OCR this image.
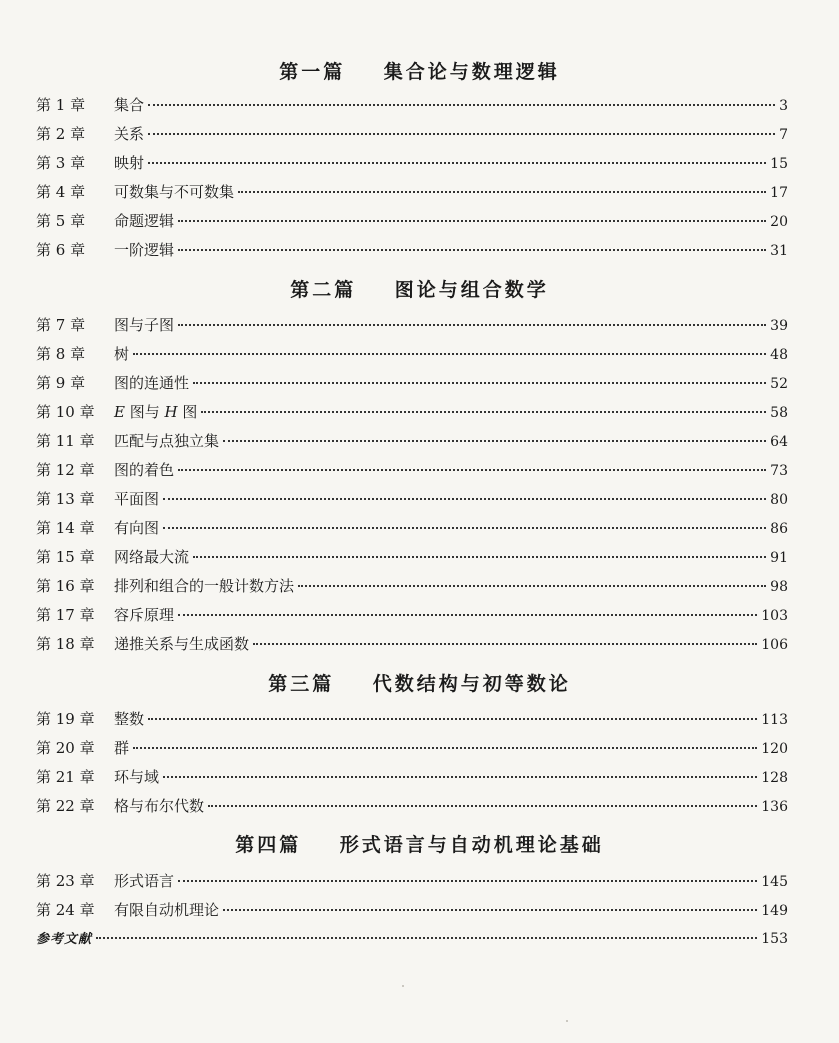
第一篇    集合论与数理逻辑
第 1 章	集合	3
第 2 章	关系	7
第 3 章	映射	15
第 4 章	可数集与不可数集	17
第 5 章	命题逻辑	20
第 6 章	一阶逻辑	31
第二篇    图论与组合数学
第 7 章	图与子图	39
第 8 章	树	48
第 9 章	图的连通性	52
第 10 章	E 图与 H 图	58
第 11 章	匹配与点独立集	64
第 12 章	图的着色	73
第 13 章	平面图	80
第 14 章	有向图	86
第 15 章	网络最大流	91
第 16 章	排列和组合的一般计数方法	98
第 17 章	容斥原理	103
第 18 章	递推关系与生成函数	106
第三篇    代数结构与初等数论
第 19 章	整数	113
第 20 章	群	120
第 21 章	环与域	128
第 22 章	格与布尔代数	136
第四篇    形式语言与自动机理论基础
第 23 章	形式语言	145
第 24 章	有限自动机理论	149
参考文献	153
